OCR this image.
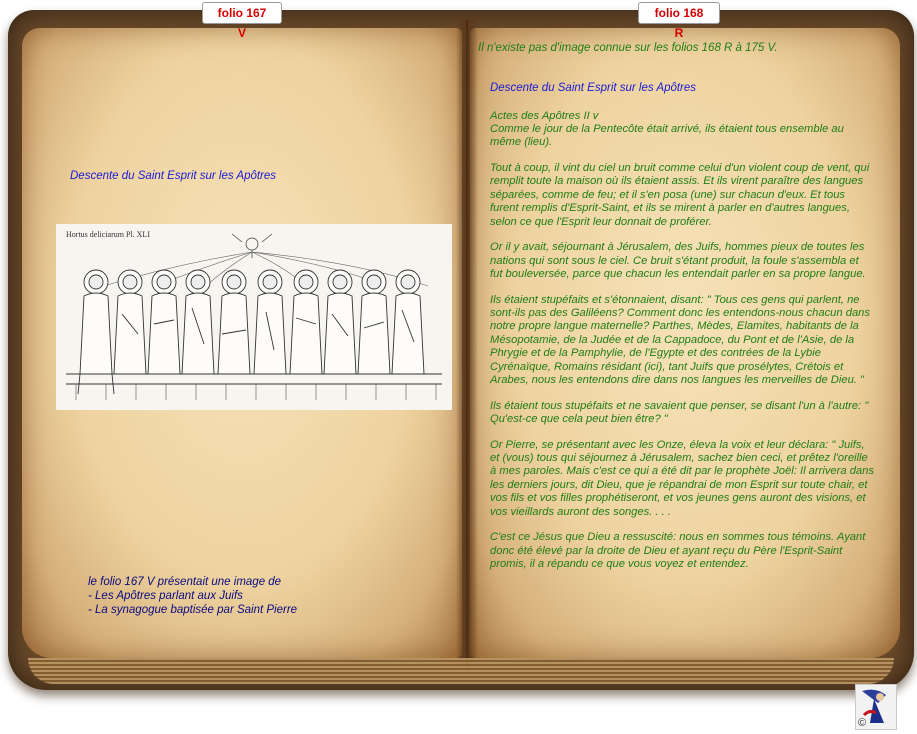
folio 167 V
folio 168 R
Descente du Saint Esprit sur les Apôtres
Hortus deliciarum Pl. XLI
le folio 167 V présentait une image de
- Les Apôtres parlant aux Juifs
- La synagogue baptisée par Saint Pierre
Il n'existe pas d'image connue sur les folios 168 R à 175 V.
Descente du Saint Esprit sur les Apôtres
Actes des Apôtres II v

Comme le jour de la Pentecôte était arrivé, ils étaient tous ensemble au même (lieu).

Tout à coup, il vint du ciel un bruit comme celui d'un violent coup de vent, qui remplit toute la maison où ils étaient assis. Et ils virent paraître des langues séparées, comme de feu; et il s'en posa (une) sur chacun d'eux. Et tous furent remplis d'Esprit-Saint, et ils se mirent à parler en d'autres langues, selon ce que l'Esprit leur donnait de proférer.

Or il y avait, séjournant à Jérusalem, des Juifs, hommes pieux de toutes les nations qui sont sous le ciel. Ce bruit s'étant produit, la foule s'assembla et fut bouleversée, parce que chacun les entendait parler en sa propre langue.

Ils étaient stupéfaits et s'étonnaient, disant: " Tous ces gens qui parlent, ne sont-ils pas des Galiléens? Comment donc les entendons-nous chacun dans notre propre langue maternelle? Parthes, Mèdes, Elamites, habitants de la Mésopotamie, de la Judée et de la Cappadoce, du Pont et de l'Asie, de la Phrygie et de la Pamphylie, de l'Egypte et des contrées de la Lybie Cyrénaïque, Romains résidant (ici), tant Juifs que prosélytes, Crétois et Arabes, nous les entendons dire dans nos langues les merveilles de Dieu. "

Ils étaient tous stupéfaits et ne savaient que penser, se disant l'un à l'autre: " Qu'est-ce que cela peut bien être? "

Or Pierre, se présentant avec les Onze, éleva la voix et leur déclara: " Juifs, et (vous) tous qui séjournez à Jérusalem, sachez bien ceci, et prêtez l'oreille à mes paroles. Mais c'est ce qui a été dit par le prophète Joël: Il arrivera dans les derniers jours, dit Dieu, que je répandrai de mon Esprit sur toute chair, et vos fils et vos filles prophétiseront, et vos jeunes gens auront des visions, et vos vieillards auront des songes. . . .

C'est ce Jésus que Dieu a ressuscité: nous en sommes tous témoins. Ayant donc été élevé par la droite de Dieu et ayant reçu du Père l'Esprit-Saint promis, il a répandu ce que vous voyez et entendez.

©
